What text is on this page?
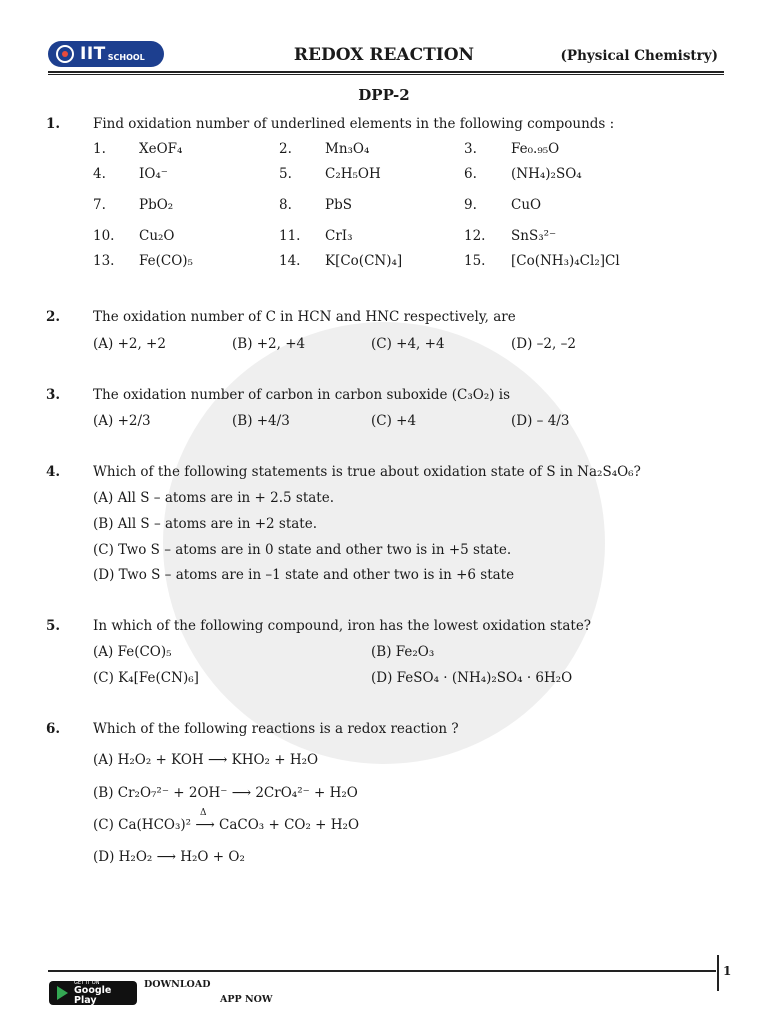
IIT SCHOOL	REDOX REACTION	(Physical Chemistry)
DPP-2
1. Find oxidation number of underlined elements in the following compounds :
1. XeOF₄	2. Mn₃O₄	3.	Fe₀.₉₅O
4. IO₄⁻	5. C₂H₅OH	6.	(NH₄)₂SO₄
7. PbO₂	8. PbS	9.	CuO
10. Cu₂O	11. CrI₃	12. SnS₃²⁻
13. Fe(CO)₅	14. K[Co(CN)₄]	15. [Co(NH₃)₄Cl₂]Cl
2. The oxidation number of C in HCN and HNC respectively, are
(A) +2, +2	(B) +2, +4	(C) +4, +4	(D) –2, –2
3. The oxidation number of carbon in carbon suboxide (C₃O₂) is
(A) +2/3	(B) +4/3	(C) +4	(D) – 4/3
4. Which of the following statements is true about oxidation state of S in Na₂S₄O₆?
(A) All S – atoms are in + 2.5 state.
(B) All S – atoms are in +2 state.
(C) Two S – atoms are in 0 state and other two is in +5 state.
(D) Two S – atoms are in –1 state and other two is in +6 state
5. In which of the following compound, iron has the lowest oxidation state?
(A) Fe(CO)₅	(B) Fe₂O₃
(C) K₄[Fe(CN)₆]	(D) FeSO₄ · (NH₄)₂SO₄ · 6H₂O
6. Which of the following reactions is a redox reaction ?
(A) H₂O₂ + KOH ⟶ KHO₂ + H₂O
(B) Cr₂O₇²⁻ + 2OH⁻ ⟶ 2CrO₄²⁻ + H₂O
Δ
(C) Ca(HCO₃)² ⟶ CaCO₃ + CO₂ + H₂O
(D) H₂O₂ ⟶ H₂O + O₂
1
GET IT ON
Google Play
DOWNLOAD
APP NOW
